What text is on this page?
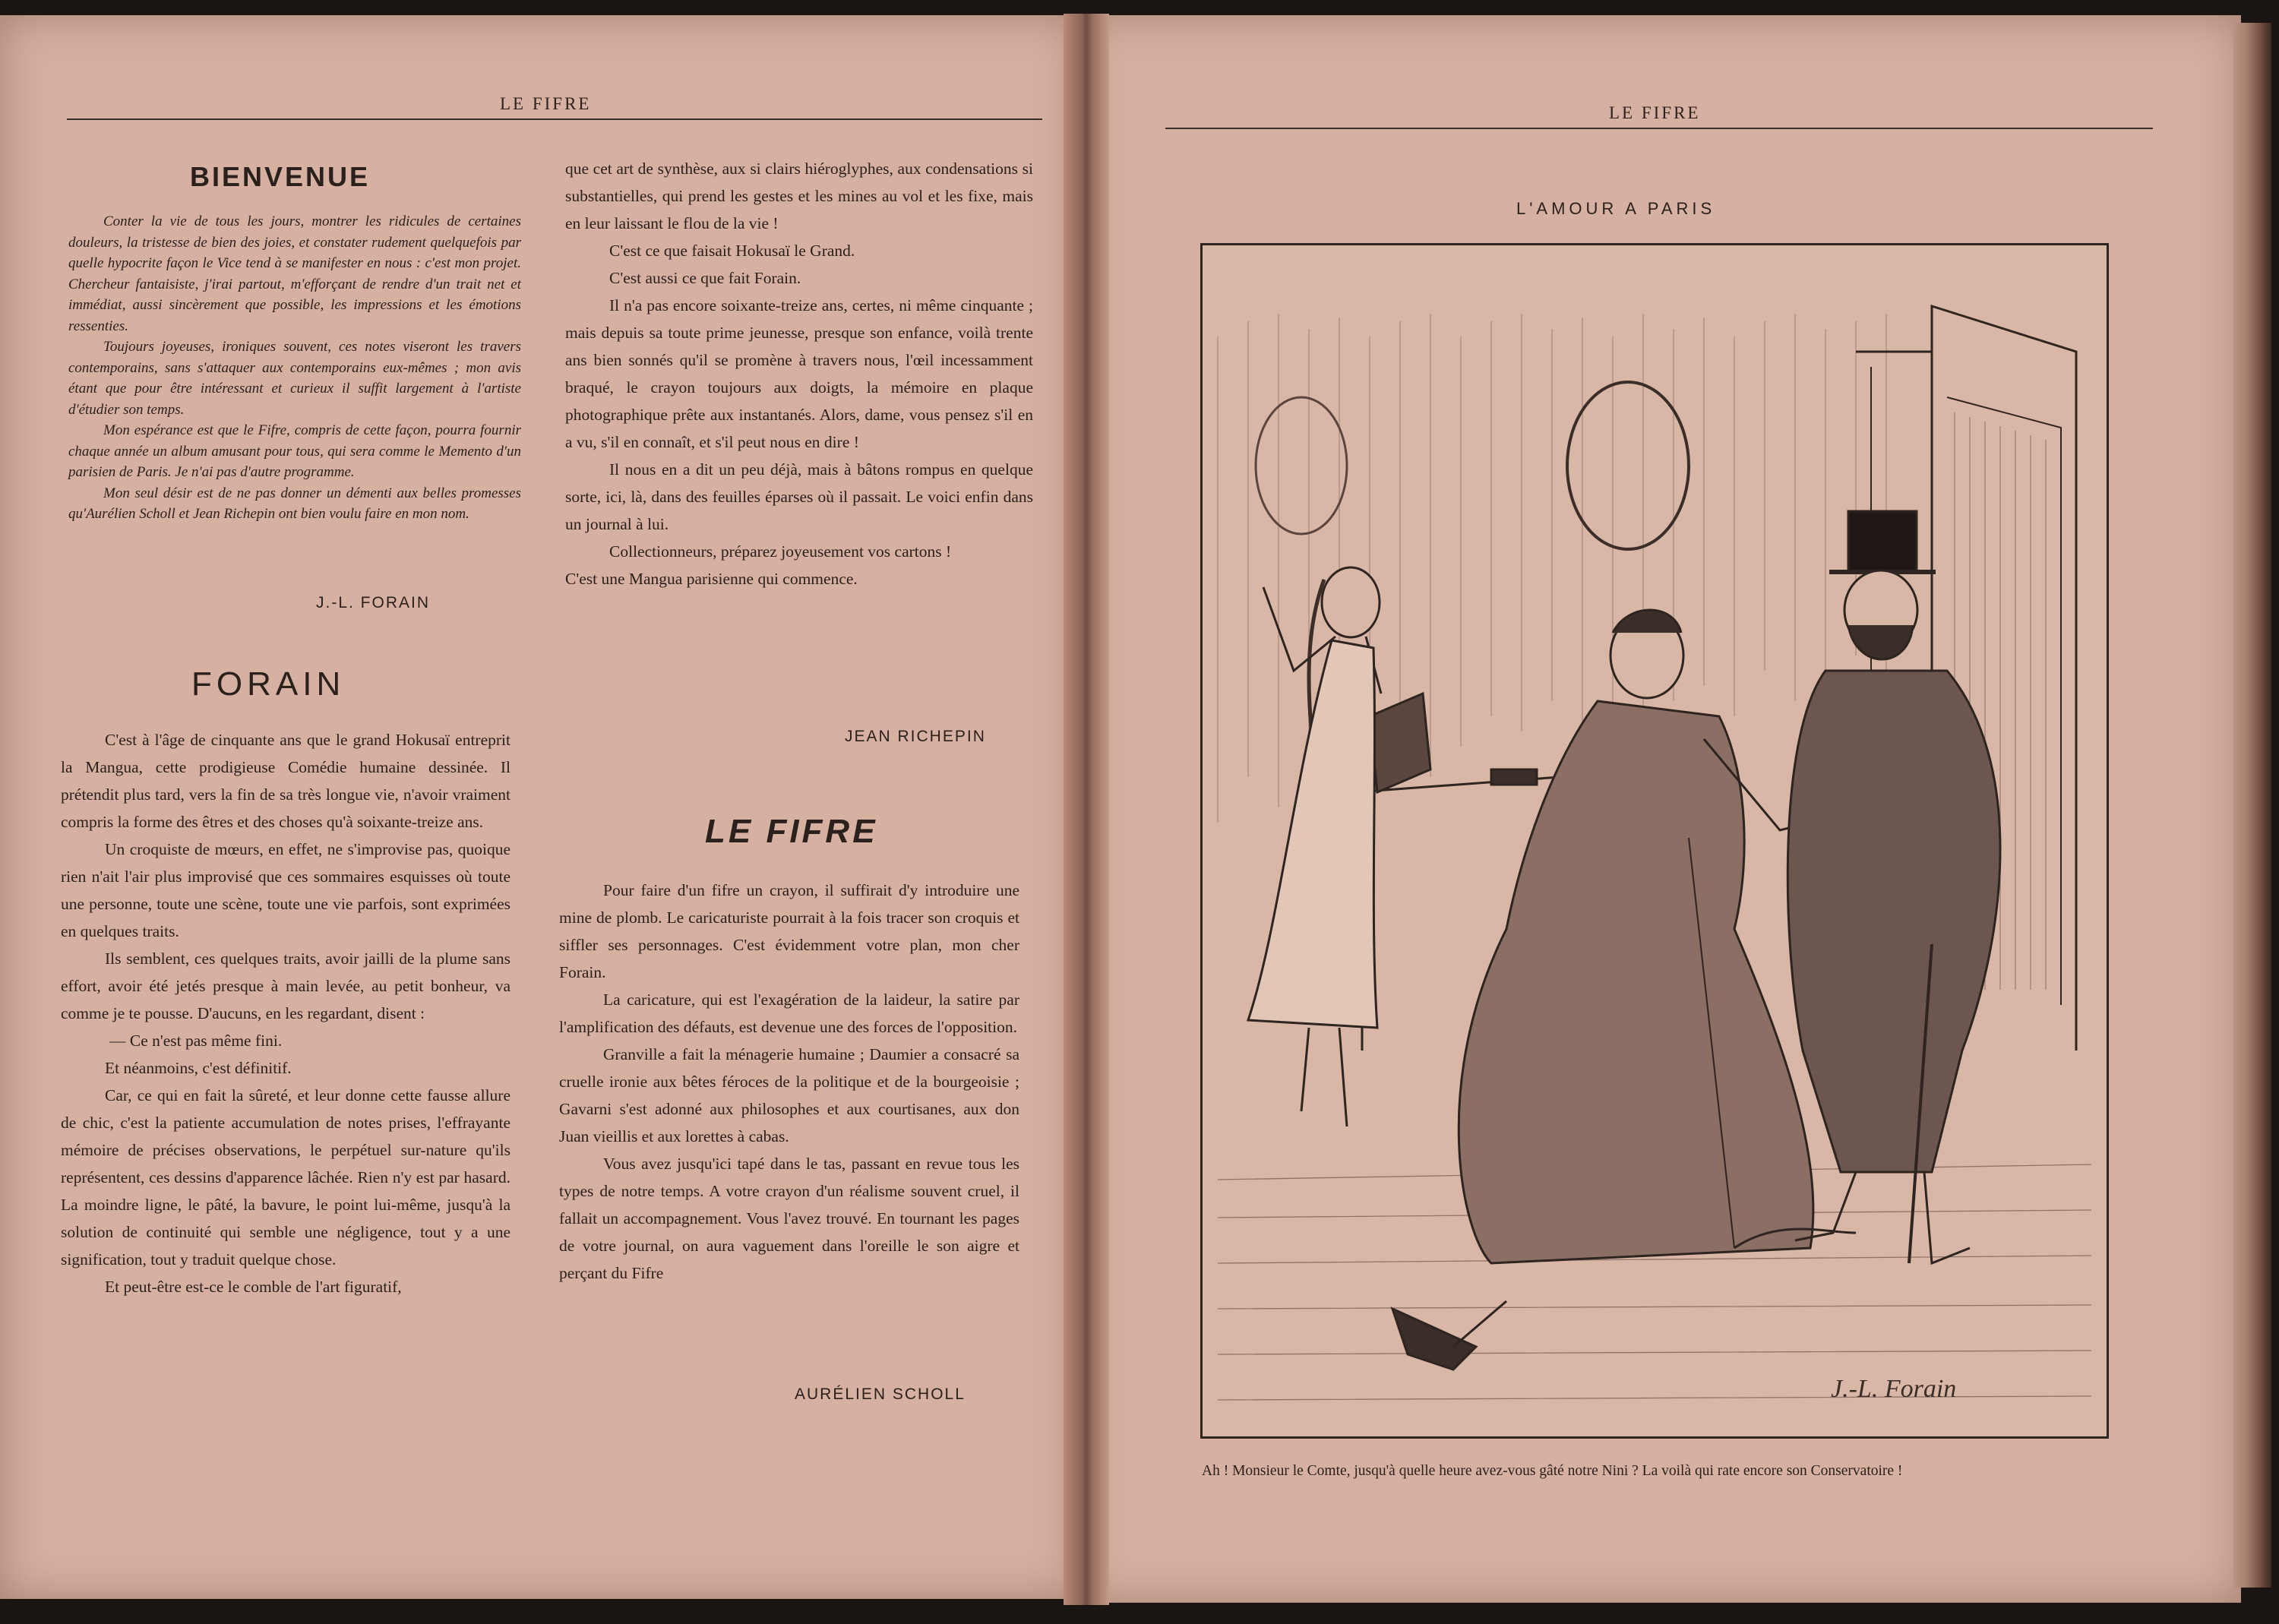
LE FIFRE
BIENVENUE

Conter la vie de tous les jours, montrer les ridicules de certaines douleurs, la tristesse de bien des joies, et constater rudement quelquefois par quelle hypocrite façon le Vice tend à se manifester en nous : c'est mon projet. Chercheur fantaisiste, j'irai partout, m'efforçant de rendre d'un trait net et immédiat, aussi sincèrement que possible, les impressions et les émotions ressenties.

Toujours joyeuses, ironiques souvent, ces notes viseront les travers contemporains, sans s'attaquer aux contemporains eux-mêmes ; mon avis étant que pour être intéressant et curieux il suffit largement à l'artiste d'étudier son temps.

Mon espérance est que le Fifre, compris de cette façon, pourra fournir chaque année un album amusant pour tous, qui sera comme le Memento d'un parisien de Paris. Je n'ai pas d'autre programme.

Mon seul désir est de ne pas donner un démenti aux belles promesses qu'Aurélien Scholl et Jean Richepin ont bien voulu faire en mon nom.

J.-L. FORAIN
FORAIN

C'est à l'âge de cinquante ans que le grand Hokusaï entreprit la Mangua, cette prodigieuse Comédie humaine dessinée. Il prétendit plus tard, vers la fin de sa très longue vie, n'avoir vraiment compris la forme des êtres et des choses qu'à soixante-treize ans.

Un croquiste de mœurs, en effet, ne s'improvise pas, quoique rien n'ait l'air plus improvisé que ces sommaires esquisses où toute une personne, toute une scène, toute une vie parfois, sont exprimées en quelques traits.

Ils semblent, ces quelques traits, avoir jailli de la plume sans effort, avoir été jetés presque à main levée, au petit bonheur, va comme je te pousse. D'aucuns, en les regardant, disent :

— Ce n'est pas même fini.

Et néanmoins, c'est définitif.

Car, ce qui en fait la sûreté, et leur donne cette fausse allure de chic, c'est la patiente accumulation de notes prises, l'effrayante mémoire de précises observations, le perpétuel sur-nature qu'ils représentent, ces dessins d'apparence lâchée. Rien n'y est par hasard. La moindre ligne, le pâté, la bavure, le point lui-même, jusqu'à la solution de continuité qui semble une négligence, tout y a une signification, tout y traduit quelque chose.

Et peut-être est-ce le comble de l'art figuratif,

que cet art de synthèse, aux si clairs hiéroglyphes, aux condensations si substantielles, qui prend les gestes et les mines au vol et les fixe, mais en leur laissant le flou de la vie !

C'est ce que faisait Hokusaï le Grand.

C'est aussi ce que fait Forain.

Il n'a pas encore soixante-treize ans, certes, ni même cinquante ; mais depuis sa toute prime jeunesse, presque son enfance, voilà trente ans bien sonnés qu'il se promène à travers nous, l'œil incessamment braqué, le crayon toujours aux doigts, la mémoire en plaque photographique prête aux instantanés. Alors, dame, vous pensez s'il en a vu, s'il en connaît, et s'il peut nous en dire !

Il nous en a dit un peu déjà, mais à bâtons rompus en quelque sorte, ici, là, dans des feuilles éparses où il passait. Le voici enfin dans un journal à lui.

Collectionneurs, préparez joyeusement vos cartons !

C'est une Mangua parisienne qui commence.

JEAN RICHEPIN
LE FIFRE

Pour faire d'un fifre un crayon, il suffirait d'y introduire une mine de plomb. Le caricaturiste pourrait à la fois tracer son croquis et siffler ses personnages. C'est évidemment votre plan, mon cher Forain.

La caricature, qui est l'exagération de la laideur, la satire par l'amplification des défauts, est devenue une des forces de l'opposition.

Granville a fait la ménagerie humaine ; Daumier a consacré sa cruelle ironie aux bêtes féroces de la politique et de la bourgeoisie ; Gavarni s'est adonné aux philosophes et aux courtisanes, aux don Juan vieillis et aux lorettes à cabas.

Vous avez jusqu'ici tapé dans le tas, passant en revue tous les types de notre temps. A votre crayon d'un réalisme souvent cruel, il fallait un accompagnement. Vous l'avez trouvé. En tournant les pages de votre journal, on aura vaguement dans l'oreille le son aigre et perçant du Fifre

AURÉLIEN SCHOLL
LE FIFRE
L'AMOUR A PARIS
J.-L. Forain
Ah ! Monsieur le Comte, jusqu'à quelle heure avez-vous gâté notre Nini ? La voilà qui rate encore son Conservatoire !
